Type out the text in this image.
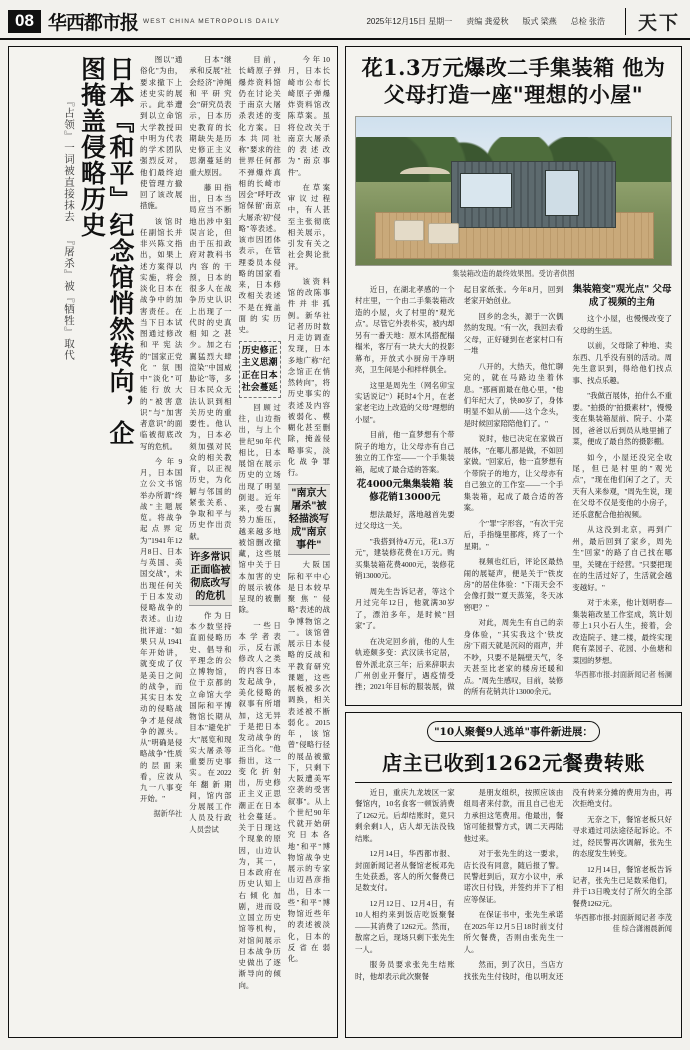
08 华西都市报 WEST CHINA METROPOLIS DAILY	2025年12月15日 星期一 责编 龚爱秋 版式 梁燕 总检 张浩	天下
日本『和平』纪念馆悄然转向，企图掩盖侵略历史
『占领』一词被直接抹去 『屠杀』被『牺牲』取代

今年10月，日本长崎市公布长崎原子弹爆炸资料馆改陈草案。虽将位改关于南京大屠杀的表述改为"南京事件"。

在草案审议过程中，有人甚至主张彻底相关展示，引发有关之社会舆论批评。

该资料馆的改陈事件并非孤例。新华社记者历时数月走访调查发现，日本多地广称"纪念馆正在悄然转向"，将历史事实的表述及内容被弱化、模糊化甚至删除，掩盖侵略事实，淡化战争罪行。

"南京大屠杀"被轻描淡写成"南京事件"

大阪国际和平中心是日本较早聚焦"侵略"表述的战争博物馆之一。该馆曾展示日本侵略的反战和平教育研究课题，这些展板被多次调换，相关表述被不断弱化。2015年，该馆曾"侵略行径的展品被撤下，只剩下大阪遭美军空袭的受害叙事"。从上个世纪90年代就开始研究日本各地"和平"博物馆战争史展示的专家山辺昌彦指出，日本一些"和平"博物馆近些年的表述被淡化，日本的反省在弱化。

目前，长崎原子弹爆炸资料馆仍在讨论关于南京大屠杀表述的变化方案。日本共同社称"要求的往世界任何都不弹爆炸真相的长崎市因会"呼吁改馆保留'南京大屠杀'初"侵略"等表述。该市因团体表示，在管理委员本侵略的国家看来，日本修改相关表述不是在掩盖面的实历史。

历史修正主义思潮正在日本社会蔓延

回顾过往，山边指出，与上个世纪90年代相比，日本展馆在展示历史的立场出现了明显倒退。近年来，受右翼势力施压，越来越多地被馆删改撤藏，这些展馆中关于日本加害的史的展示被体呈现的被删除。

一些日本学者表示，反右派修改人之类的内容日本发起战争，美化侵略的叙事有所增加，这无异于是把日本发动战争的正当化。"他指出，这一变化折射出，历史修正主义正思潮正在日本社会蔓延。关于日现这个现象的原因，山边认为，其一，日本政府在历史认知上右倾化加剧，进而设立国立历史馆等机构，对馆间展示日本战争历史做出了逐渐导向的倾向。

日本"继承和反展"社会经济"沖绳和平研究会"研究员表示，日本历史教育的长期缺失是历史修正主义思潮蔓延的重大原因。

藤田指出，日本当局应当不断地出涉中狙误言论，但由于压扣政府对教科书内容的干预，日本的很多人在战争历史认识上出现了一代时的史真相知之甚少。加之右翼猛烈大肆渲染"中国威胁论"等，多日本民众无法认识到相关历史的重要性。他认为，日本必须加强对民众的相关教育，以正视历史，为化解与邻国的紧张关系、争取和平与历史作出贡献。

许多常识正面临被彻底改写的危机

作为日本少数坚持直面侵略历史、倡导和平理念的公立博物馆，位于京都的立命馆大学国际和平博物馆长期从目本"避免扩大"展览和现实大屠杀等重要历史事实。在2022年翻新期间，馆内部分展展工作人员及行政人员尝试

图以"通俗化"为由，要求撤下上述史实的展示。此举遭到以立命馆大学教授田中明为代表的学术团队强烈反对，他们最终迫使管理方撤回了该改展措施。

该馆时任副馆长并非兴陈文指出，如果上述方案得以实施，将会淡化日本在战争中的加害责任。在当下日本试图通过修改和平宪法的"国家正党化"氛围中"淡化"可能行放大的"被害意识"与"加害者意识"的面临被彻底改写的危机。

今年9月，日本国立公文书馆举办所谓"终战"主题展览。将战争起点界定为"1941年12月8日、日本与英国、美国交战"，未出现任何关于日本发动侵略战争的表述。山边批评道："如果只从1941年开始讲，就变成了仅是美日之间的战争，而其实日本发动的侵略战争才是侵战争的源头。从"明确是侵略战争"性质的层面来看，应波从九一八事变开始。"

据新华社
花1.3万元爆改二手集装箱 他为父母打造一座"理想的小屋"
集装箱改造的最终效果图。受访者供图

近日，在湖北孝感的一个村庄里，一个由二手集装箱改造的小屋，火了村里的"观光点"。尽管它外表朴实，被内却另有一番天地：原木风搭配榻榻米，客厅有一块大大的投影幕布，开放式小厨房干净明亮，卫生间是小和样样俱全。

这里是周先生（网名卯宝实话说记"）耗时4个月，在老家老宅边上改造的父母"理想的小屋"。

目前，他一直梦想有个带院子的地方，让父母亦有自己独立的工作室——一个手集装箱，起成了最合适的答案。

花4000元集集装箱 装修花销13000元

想法最好，落地越首先要过父母这一关。

"我搭到待4万元，花1.3万元"，建装修花费在1万元。购买集装箱花费4000元，装修花销13000元。

周先生告诉记者，等这个月过完年12日，他就满30岁了，漂泊多年，是时候"回家"了。

在决定回乡前，他的人生轨迹颇多变：武汉读书定居，曾外派北京三年；后来辞职去广州创业开餐厅，遇疫情受挫；2021年目标的服装展，做起目家纸张。今年8月，回到老家开始创业。

回乡的念头，源于一次偶然的发现。"有一次，我回去看父母，正好碰到在老家村口有一堆

八开的，大热天，他忙聊完的，就在马路边坐着休息。"那画面最在他心里，"他们年纪大了，快80岁了，身体明显不如从前——这个念头，是时候回家陪陪他们了。"

说时，他已决定在家做百展体，"在哪儿都是做，不如回家做。"回家后，他一直梦想有个带院子的地方，让父母亦有自己独立的工作室——一个手集装箱，起成了最合适的答案。

个"罪"字形容，"有次干完后，手指缝里都疼，疼了一个星期。"

视频也红后，评论区最热闹的展疑声，便是关于"铁皮房"的居住体验："下雨天会不会像打鼓""夏天蒸笼，冬天冰窖吧？"

对此，周先生有自己的亲身体验，"其实我这个'铁皮房'下雨天就是沉闷的雨声，并不吵，只要不是隔壁天气，冬天甚至比老家的楼房还暖和点。"周先生感叹，目前，装修的所有花销共计13000余元。

集装箱变"观光点" 父母成了视频的主角

这个小屋，也慢慢改变了父母的生活。

以前，父母除了种地、卖东西、几乎没有别的活动。周先生意识到，得给他们找点事、找点乐趣。

"我做百展体，拍什么不重要。"拍摄的"拍摄素材"，慢慢变在集装箱屋前、院子、小菜园，爸爸以后到员从地里捕了菜，便成了最自然的摄影棚。

如今，小屋还没完全收尾，但已是村里的"观光点"，"现在他们闲了之了，天天有人来参观，"周先生说，现在父母不仅是变他的小房子，还乐意配合他拍视频。

从这没到北京，再到广州，最后回到了家乡，周先生"回家"的路了自己找在哪里，关键在于经营。"只要把现在的生活过好了，生活就会越变越好。"

对于未来，他计划明春—集装箱改星工作室成，筑计划带上1只小石人生，接着，会改造院子、建二楼，最终实现爬有菜园子、花园、小鱼塘和菜园的梦想。

华西都市报-封面新闻记者 杨澜
"10人聚餐9人逃单"事件新进展：
店主已收到1262元餐费转账

近日，重庆九龙坡区一家餐馆内，10名食客一顿饭消费了1262元。后却结账时，竟只剩余剩1人，店人却无法没钱结账。

12月14日，华西都市报、封面新闻记者从餐馆老板邓先生处获悉，客人的所欠餐费已足数支付。

12月12日、12月4日，有10人相约来到饭店吃饭聚餐——其消费了1262元。然而，散席之后，现场只剩下张先生一人。

服务员要求张先生结账时，他却表示此次聚餐

是朋友组织，按照应该由组局者来付款，而且自己也无力承担这笔费用。他最出，餐馆可能报警方式，调二天再陆他过来。

对于张先生的这一要求，店长没有同意，随后报了警。民警赶到后，双方小议中，承诺次日付钱，并签约并下了相应等保证。

在保证书中，张先生承诺在2025年12月5日18时前支付所欠餐费，否则由张先生一人。

然而，到了次日，当店方找张先生付钱时，他以明友还没有转来分摊的费用为由，再次拒绝支付。

无奈之下，餐馆老板只好寻求通过司法途径起诉论。不过，经民警再次调解，张先生的态度发生转变。

12月14日，餐馆老板告诉记者，张先生已足数采他们，并于13日晚支付了所欠的全部餐费1262元。

华西都市报-封面新闻记者 李茂佳 综合潇湘晨新闻
